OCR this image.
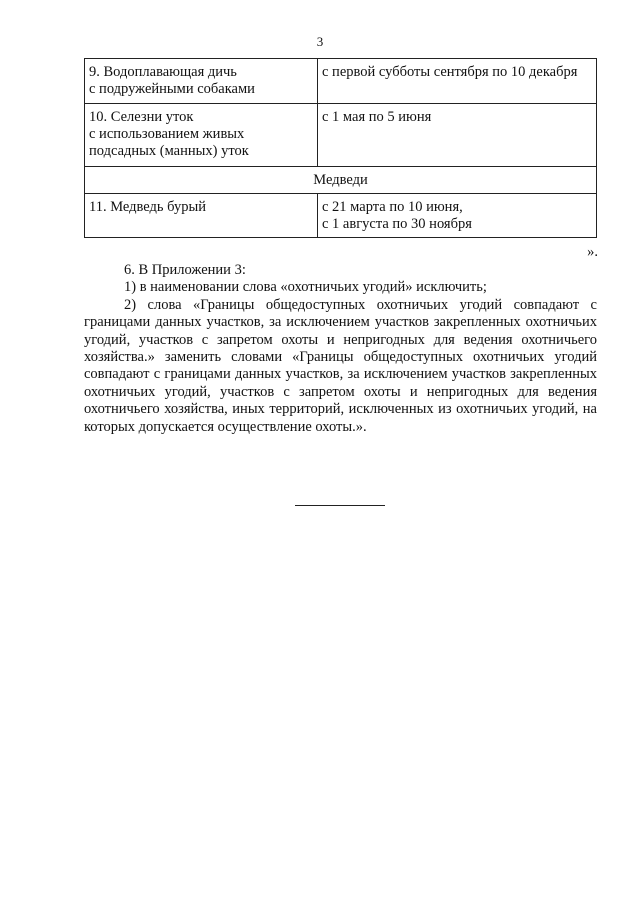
3
9. Водоплавающая дичь
с подружейными собаками	с первой субботы сентября по 10 декабря
10. Селезни уток
с использованием живых
подсадных (манных) уток	с 1 мая по 5 июня
Медведи	
11. Медведь бурый	с 21 марта по 10 июня,
с 1 августа по 30 ноября
».

6. В Приложении 3:

1) в наименовании слова «охотничьих угодий» исключить;

2) слова «Границы общедоступных охотничьих угодий совпадают с границами данных участков, за исключением участков закрепленных охотничьих угодий, участков с запретом охоты и непригодных для ведения охотничьего хозяйства.» заменить словами «Границы общедоступных охотничьих угодий совпадают с границами данных участков, за исключением участков закрепленных охотничьих угодий, участков с запретом охоты и непригодных для ведения охотничьего хозяйства, иных территорий, исключенных из охотничьих угодий, на которых допускается осуществление охоты.».
